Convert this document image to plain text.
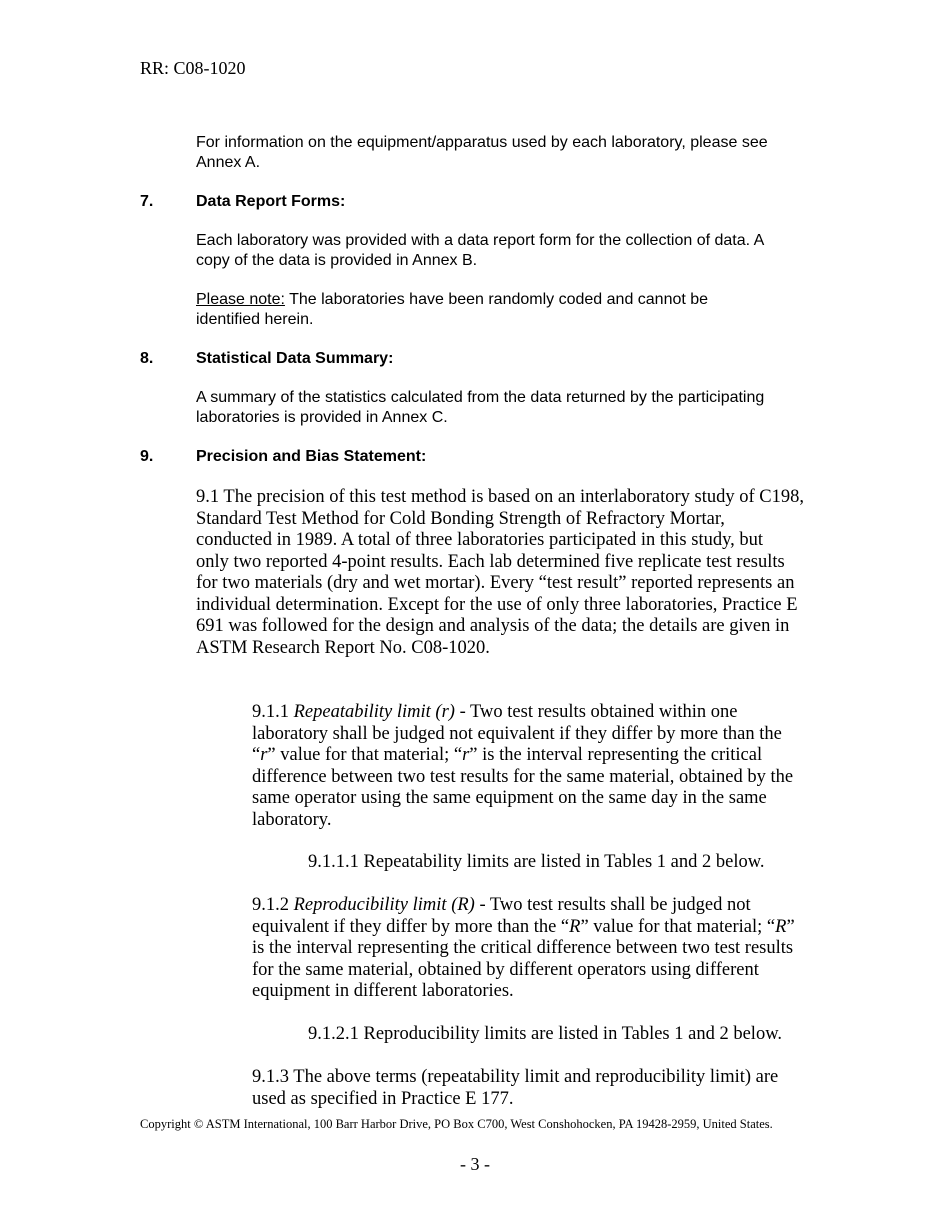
RR: C08-1020
For information on the equipment/apparatus used by each laboratory, please see
Annex A.
7.	Data Report Forms:
Each laboratory was provided with a data report form for the collection of data. A
copy of the data is provided in Annex B.
Please note: The laboratories have been randomly coded and cannot be
identified herein.
8.	Statistical Data Summary:
A summary of the statistics calculated from the data returned by the participating
laboratories is provided in Annex C.
9.	Precision and Bias Statement:
9.1 The precision of this test method is based on an interlaboratory study of C198,
Standard Test Method for Cold Bonding Strength of Refractory Mortar,
conducted in 1989. A total of three laboratories participated in this study, but
only two reported 4-point results. Each lab determined five replicate test results
for two materials (dry and wet mortar). Every “test result” reported represents an
individual determination. Except for the use of only three laboratories, Practice E
691 was followed for the design and analysis of the data; the details are given in
ASTM Research Report No. C08-1020.
9.1.1 Repeatability limit (r) - Two test results obtained within one
laboratory shall be judged not equivalent if they differ by more than the
“r” value for that material; “r” is the interval representing the critical
difference between two test results for the same material, obtained by the
same operator using the same equipment on the same day in the same
laboratory.
9.1.1.1 Repeatability limits are listed in Tables 1 and 2 below.
9.1.2 Reproducibility limit (R) - Two test results shall be judged not
equivalent if they differ by more than the “R” value for that material; “R”
is the interval representing the critical difference between two test results
for the same material, obtained by different operators using different
equipment in different laboratories.
9.1.2.1 Reproducibility limits are listed in Tables 1 and 2 below.
9.1.3 The above terms (repeatability limit and reproducibility limit) are
used as specified in Practice E 177.
Copyright © ASTM International, 100 Barr Harbor Drive, PO Box C700, West Conshohocken, PA 19428-2959, United States.
- 3 -
